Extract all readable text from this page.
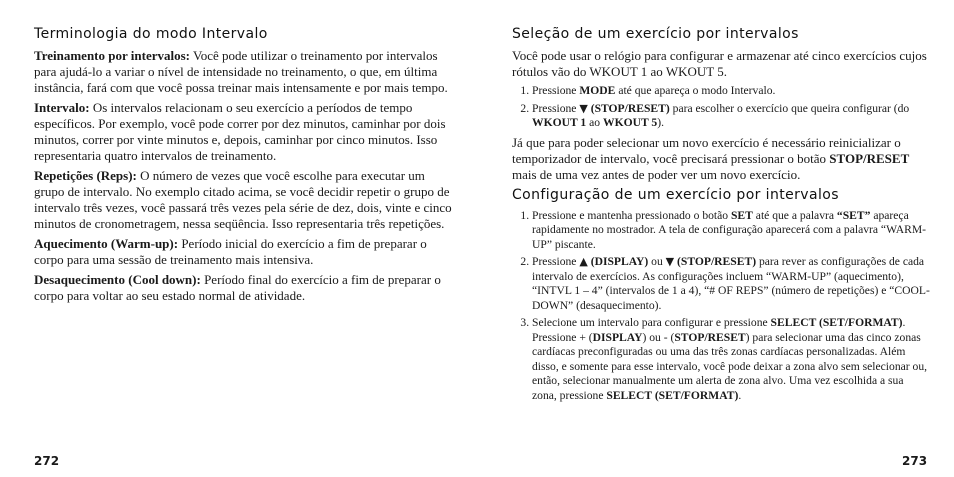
Terminologia do modo Intervalo

Treinamento por intervalos: Você pode utilizar o treinamento por intervalos para ajudá-lo a variar o nível de intensidade no treinamento, o que, em última instância, fará com que você possa treinar mais intensamente e por mais tempo.

Intervalo: Os intervalos relacionam o seu exercício a períodos de tempo específicos. Por exemplo, você pode correr por dez minutos, caminhar por dois minutos, correr por vinte minutos e, depois, caminhar por cinco minutos. Isso representaria quatro intervalos de treinamento.

Repetições (Reps): O número de vezes que você escolhe para executar um grupo de intervalo. No exemplo citado acima, se você decidir repetir o grupo de intervalo três vezes, você passará três vezes pela série de dez, dois, vinte e cinco minutos de cronometragem, nessa seqüência. Isso representaria três repetições.

Aquecimento (Warm-up): Período inicial do exercício a fim de preparar o corpo para uma sessão de treinamento mais intensiva.

Desaquecimento (Cool down): Período final do exercício a fim de preparar o corpo para voltar ao seu estado normal de atividade.

Seleção de um exercício por intervalos

Você pode usar o relógio para configurar e armazenar até cinco exercícios cujos rótulos vão do WKOUT 1 ao WKOUT 5.

1. Pressione MODE até que apareça o modo Intervalo.
2. Pressione ▼ (STOP/RESET) para escolher o exercício que queira configurar (do WKOUT 1 ao WKOUT 5).

Já que para poder selecionar um novo exercício é necessário reinicializar o temporizador de intervalo, você precisará pressionar o botão STOP/RESET mais de uma vez antes de poder ver um novo exercício.

Configuração de um exercício por intervalos
1. Pressione e mantenha pressionado o botão SET até que a palavra “SET” apareça rapidamente no mostrador. A tela de configuração aparecerá com a palavra “WARM-UP” piscante.
2. Pressione ▲ (DISPLAY) ou ▼ (STOP/RESET) para rever as configurações de cada intervalo de exercícios. As configurações incluem “WARM-UP” (aquecimento), “INTVL 1 – 4” (intervalos de 1 a 4), “# OF REPS” (número de repetições) e “COOL-DOWN” (desaquecimento).
3. Selecione um intervalo para configurar e pressione SELECT (SET/FORMAT). Pressione + (DISPLAY) ou - (STOP/RESET) para selecionar uma das cinco zonas cardíacas preconfiguradas ou uma das três zonas cardíacas personalizadas. Além disso, e somente para esse intervalo, você pode deixar a zona alvo sem selecionar ou, então, selecionar manualmente um alerta de zona alvo. Uma vez escolhida a sua zona, pressione SELECT (SET/FORMAT).
272	273
